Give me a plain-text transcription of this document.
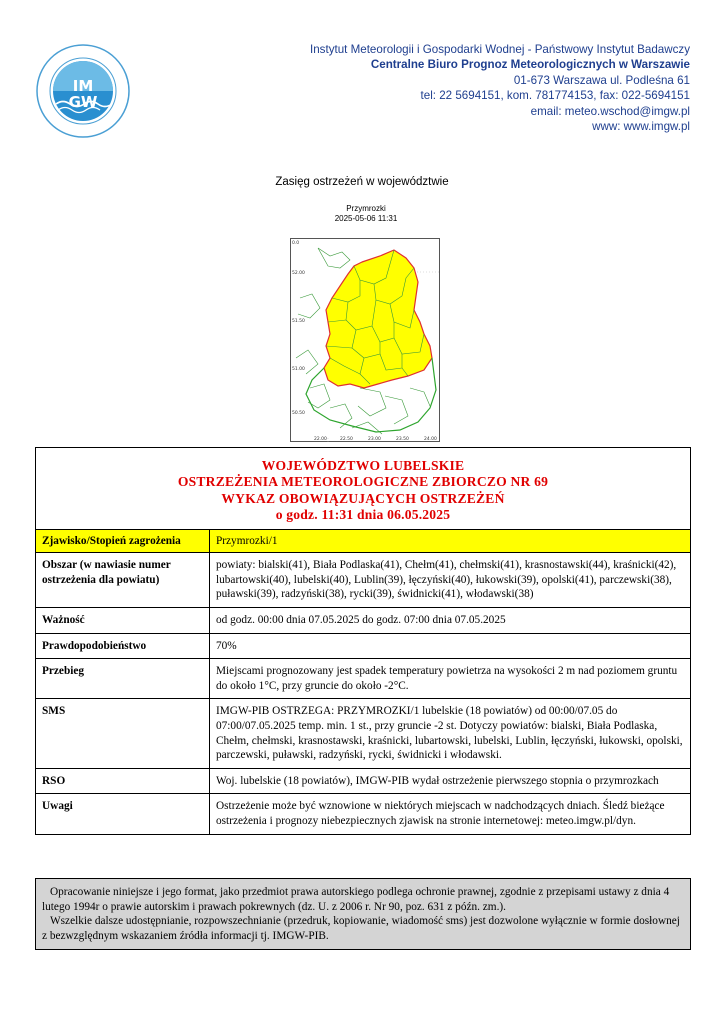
IM
GW
Instytut Meteorologii i Gospodarki Wodnej - Państwowy Instytut Badawczy
Centralne Biuro Prognoz Meteorologicznych w Warszawie
01-673 Warszawa ul. Podleśna 61
tel: 22 5694151, kom. 781774153, fax: 022-5694151
email: meteo.wschod@imgw.pl
www: www.imgw.pl
Zasięg ostrzeżeń w województwie
Przymrozki
2025-05-06 11:31
0.0
52.00
51.50
51.00
50.50
22.00	22.50	23.00	23.50	24.00
WOJEWÓDZTWO LUBELSKIE
OSTRZEŻENIA METEOROLOGICZNE ZBIORCZO NR 69
WYKAZ OBOWIĄZUJĄCYCH OSTRZEŻEŃ
o godz. 11:31 dnia 06.05.2025
Zjawisko/Stopień zagrożenia	Przymrozki/1
Obszar (w nawiasie numer ostrzeżenia dla powiatu)	powiaty: bialski(41), Biała Podlaska(41), Chełm(41), chełmski(41), krasnostawski(44), kraśnicki(42), lubartowski(40), lubelski(40), Lublin(39), łęczyński(40), łukowski(39), opolski(41), parczewski(38), puławski(39), radzyński(38), rycki(39), świdnicki(41), włodawski(38)
Ważność	od godz. 00:00 dnia 07.05.2025 do godz. 07:00 dnia 07.05.2025
Prawdopodobieństwo	70%
Przebieg	Miejscami prognozowany jest spadek temperatury powietrza na wysokości 2 m nad poziomem gruntu do około 1°C, przy gruncie do około -2°C.
SMS	IMGW-PIB OSTRZEGA: PRZYMROZKI/1 lubelskie (18 powiatów) od 00:00/07.05 do 07:00/07.05.2025 temp. min. 1 st., przy gruncie -2 st. Dotyczy powiatów: bialski, Biała Podlaska, Chełm, chełmski, krasnostawski, kraśnicki, lubartowski, lubelski, Lublin, łęczyński, łukowski, opolski, parczewski, puławski, radzyński, rycki, świdnicki i włodawski.
RSO	Woj. lubelskie (18 powiatów), IMGW-PIB wydał ostrzeżenie pierwszego stopnia o przymrozkach
Uwagi	Ostrzeżenie może być wznowione w niektórych miejscach w nadchodzących dniach. Śledź bieżące ostrzeżenia i prognozy niebezpiecznych zjawisk na stronie internetowej: meteo.imgw.pl/dyn.

Opracowanie niniejsze i jego format, jako przedmiot prawa autorskiego podlega ochronie prawnej, zgodnie z przepisami ustawy z dnia 4 lutego 1994r o prawie autorskim i prawach pokrewnych (dz. U. z 2006 r. Nr 90, poz. 631 z późn. zm.).

Wszelkie dalsze udostępnianie, rozpowszechnianie (przedruk, kopiowanie, wiadomość sms) jest dozwolone wyłącznie w formie dosłownej z bezwzględnym wskazaniem źródła informacji tj. IMGW-PIB.
